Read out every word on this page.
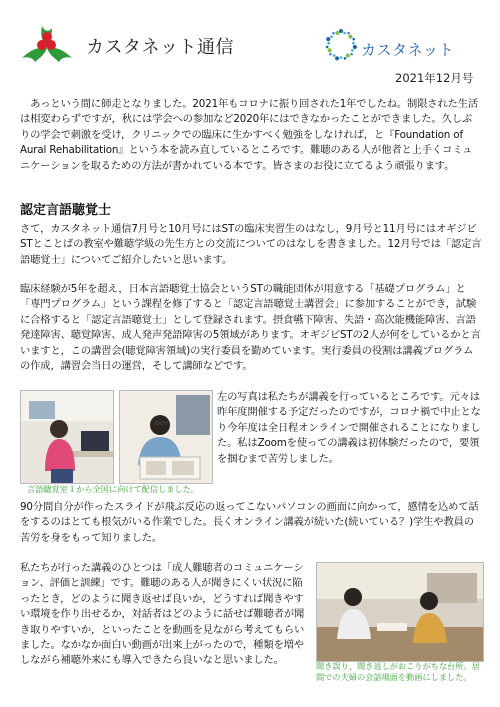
カスタネット通信	カスタネット
2021年12月号
　あっという間に師走となりました。2021年もコロナに振り回された1年でしたね。制限された生活は相変わらずですが，秋には学会への参加など2020年にはできなかったことができました。久しぶりの学会で刺激を受け，クリニックでの臨床に生かすべく勉強をしなければ，と『Foundation of Aural Rehabilitation』という本を読み直しているところです。難聴のある人が他者と上手くコミュニケーションを取るための方法が書かれている本です。皆さまのお役に立てるよう頑張ります。
認定言語聴覚士
さて，カスタネット通信7月号と10月号にはSTの臨床実習生のはなし，9月号と11月号にはオギジビSTとことばの教室や難聴学級の先生方との交流についてのはなしを書きました。12月号では「認定言語聴覚士」についてご紹介したいと思います。
臨床経験が5年を超え，日本言語聴覚士協会というSTの職能団体が用意する「基礎プログラム」と「専門プログラム」という課程を修了すると「認定言語聴覚士講習会」に参加することができ，試験に合格すると「認定言語聴覚士」として登録されます。摂食嚥下障害、失語・高次能機能障害、言語発達障害、聴覚障害、成人発声発語障害の5領域があります。オギジビSTの2人が何をしているかと言いますと，この講習会(聴覚障害領域)の実行委員を勤めています。実行委員の役割は講義プログラムの作成，講習会当日の運営，そして講師などです。
言語聴覚室１から全国に向けて配信しました。
左の写真は私たちが講義を行っているところです。元々は昨年度開催する予定だったのですが，コロナ禍で中止となり今年度は全日程オンラインで開催されることになりました。私はZoomを使っての講義は初体験だったので，要領を掴むまで苦労しました。
90分間自分が作ったスライドが飛ぶ反応の返ってこないパソコンの画面に向かって，感情を込めて話をするのはとても根気がいる作業でした。長くオンライン講義が続いた(続いている？)学生や教員の苦労を身をもって知りました。
私たちが行った講義のひとつは「成人難聴者のコミュニケーション、評価と訓練」です。難聴のある人が聞きにくい状況に陥ったとき，どのように聞き返せば良いか，どうすれば聞きやすい環境を作り出せるか，対話者はどのように話せば難聴者が聞き取りやすいか，といったことを動画を見ながら考えてもらいました。なかなか面白い動画が出来上がったので，種類を増やしながら補聴外来にも導入できたら良いなと思いました。	聞き誤り、聞き返しがおこりがちな台所。居間での夫婦の会話場面を動画にしました。
